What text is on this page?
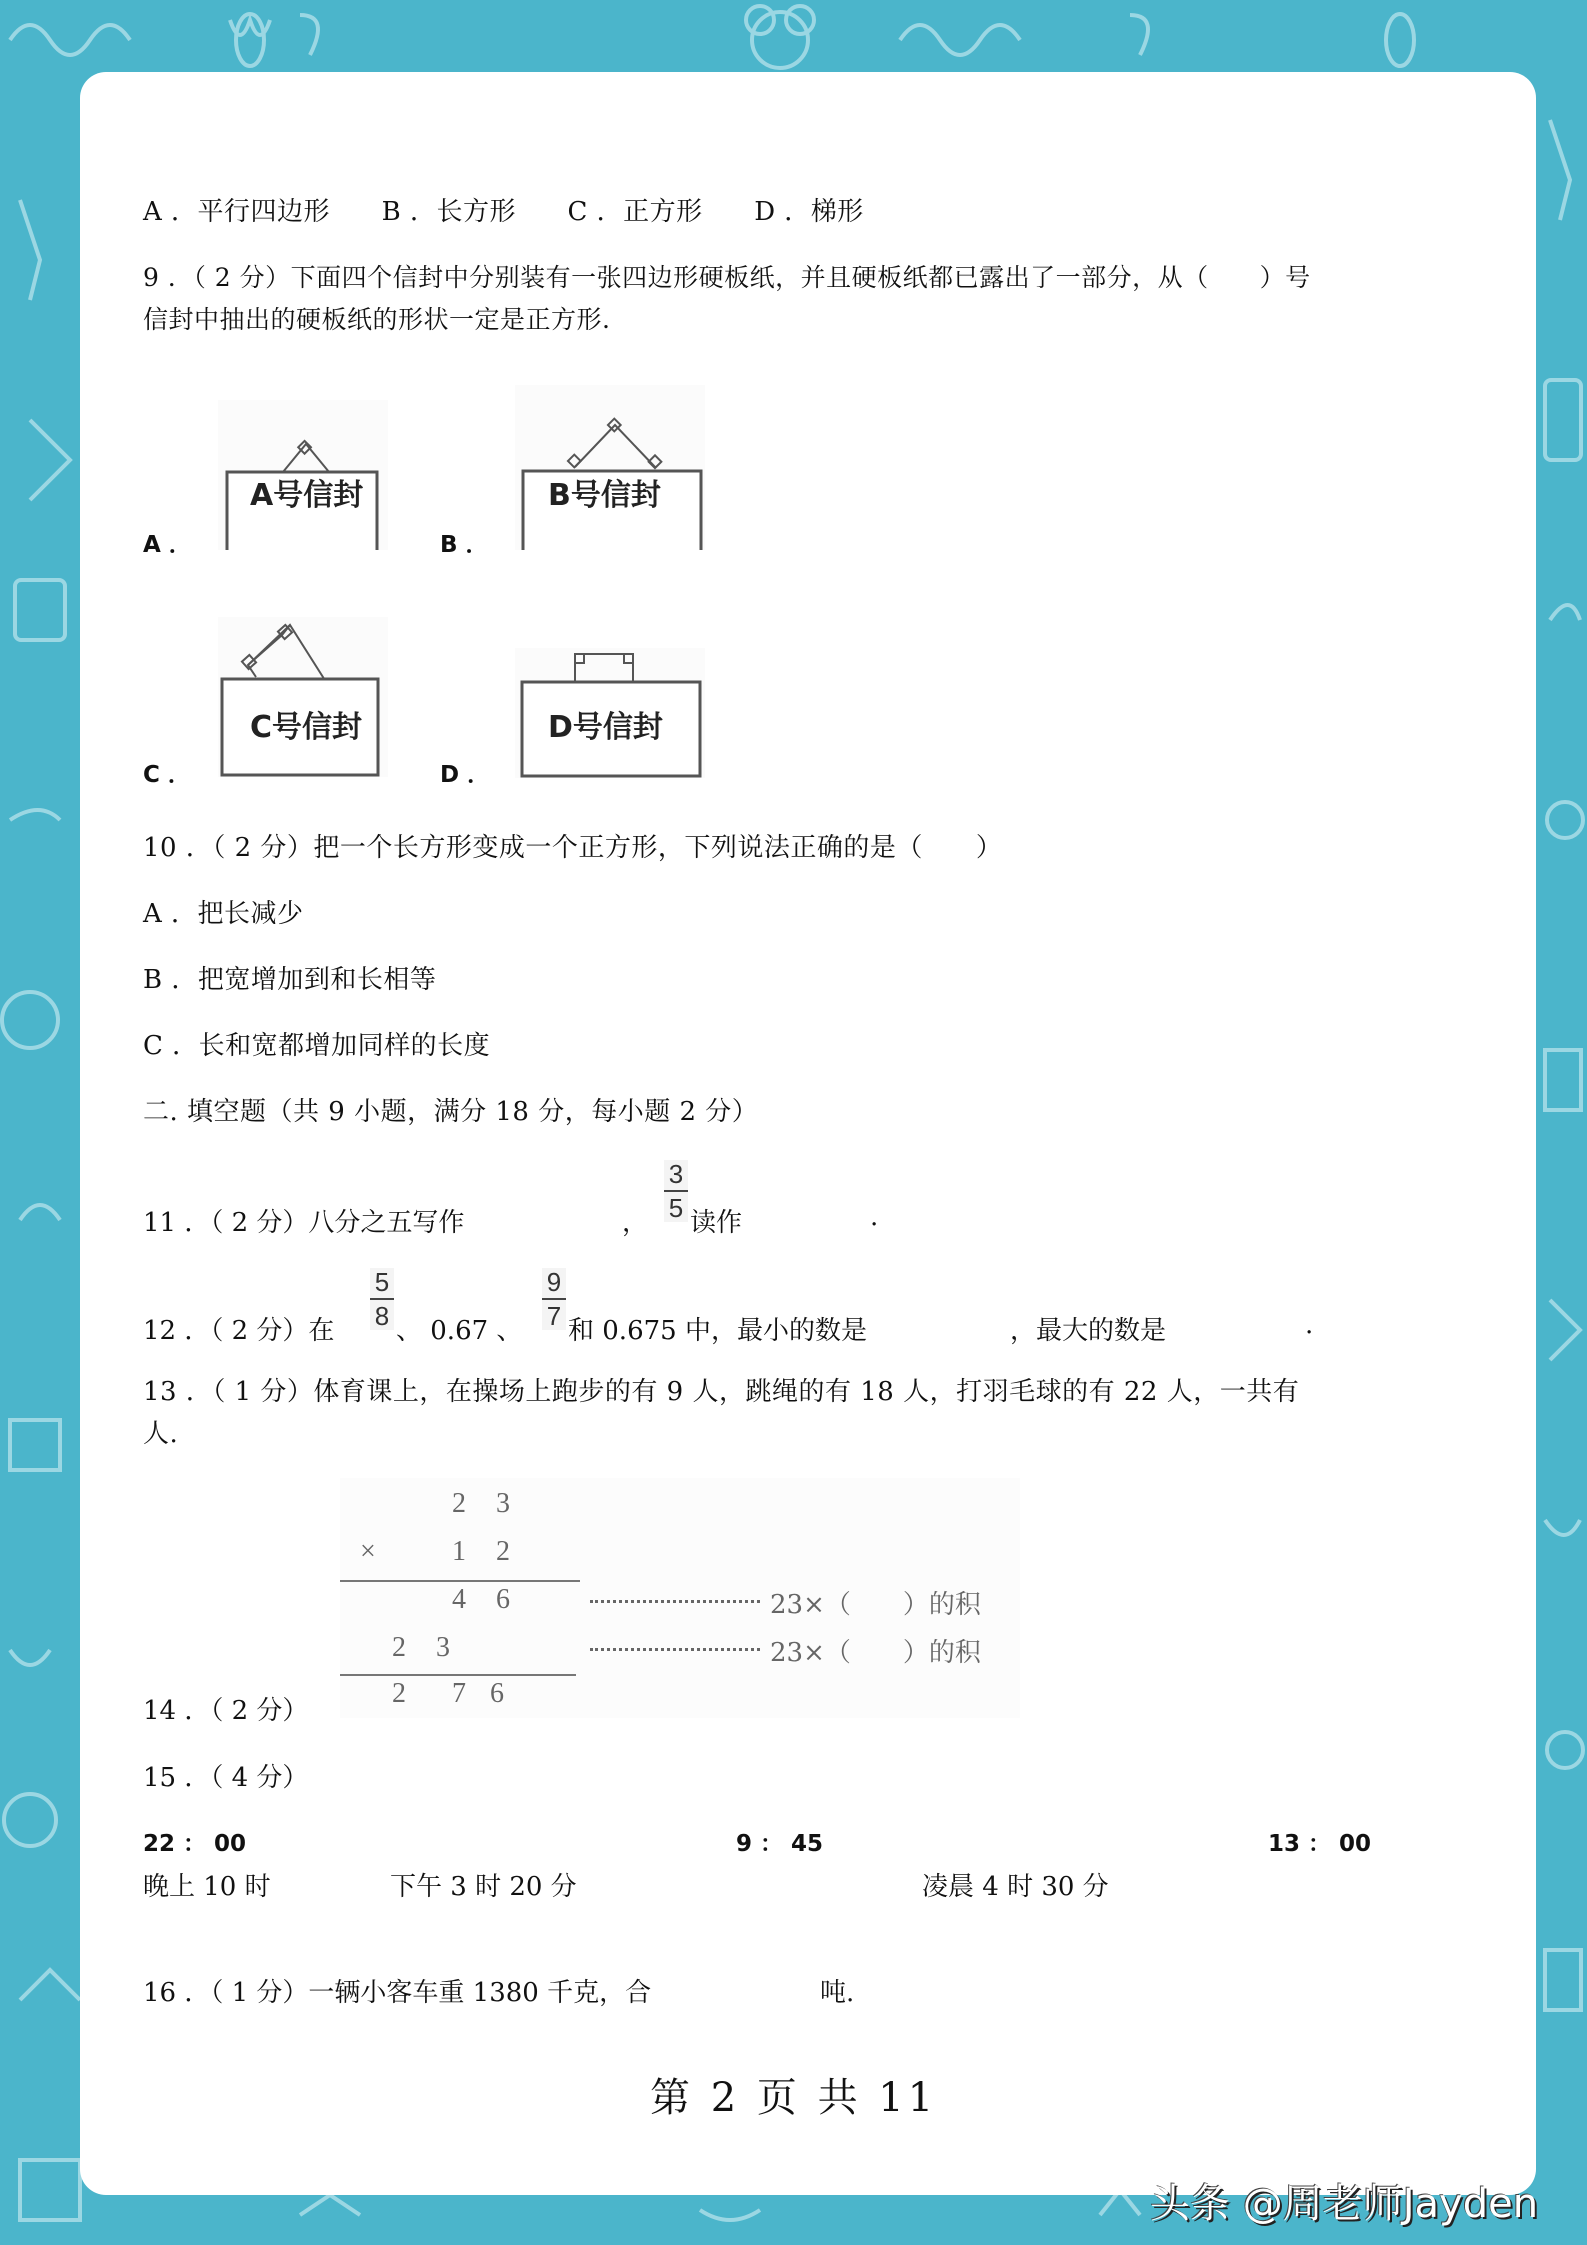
A ．平行四边形 B ．长方形 C ．正方形 D ．梯形
9 ．（ 2 分）下面四个信封中分别装有一张四边形硬板纸，并且硬板纸都已露出了一部分，从（　　）号
信封中抽出的硬板纸的形状一定是正方形.
A ．	B ．
C ．	D ．
A号信封	B号信封
C号信封	D号信封
10 ．（ 2 分）把一个长方形变成一个正方形，下列说法正确的是（　　）
A ．把长减少
B ．把宽增加到和长相等
C ．长和宽都增加同样的长度
二. 填空题（共 9 小题，满分 18 分，每小题 2 分）
11 ．（ 2 分）八分之五写作	，
3
5 读作	.
12 ．（ 2 分）在
5
8 、 0.67 、
9
7 和 0.675 中，最小的数是	，最大的数是	.
13 ．（ 1 分）体育课上，在操场上跑步的有 9 人，跳绳的有 18 人，打羽毛球的有 22 人，一共有
人.
2 3
×	1 2
4 6	23×（　　）的积
2 3	23×（　　）的积
2 7 6
14 ．（ 2 分）
15 ．（ 4 分）
22 ： 00	9 ： 45	13 ： 00
晚上 10 时	下午 3 时 20 分	凌晨 4 时 30 分
16 ．（ 1 分）一辆小客车重 1380 千克，合	吨.
第 2 页 共 11
头条 @周老师Jayden
